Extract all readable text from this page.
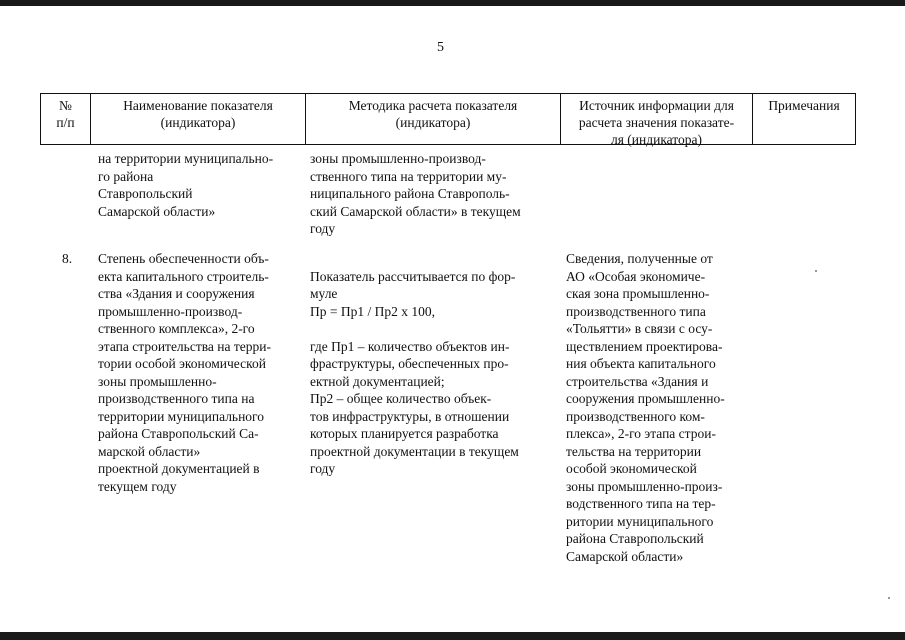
5
№
п/п
Наименование показателя
(индикатора)
Методика расчета показателя
(индикатора)
Источник информации для
расчета значения показате-
ля (индикатора)
Примечания
на территории муниципально-
го района
Ставропольский
Самарской области»
зоны промышленно-производ-
ственного типа на территории му-
ниципального района Ставрополь-
ский Самарской области» в текущем
году
8.	Степень обеспеченности объ-
екта капитального строитель-
ства «Здания и сооружения
промышленно-производ-
ственного комплекса», 2-го
этапа строительства на терри-
тории особой экономической
зоны промышленно-
производственного типа на
территории муниципального
района Ставропольский Са-
марской области»
проектной документацией в
текущем году

Показатель рассчитывается по фор-
муле

Пр = Пр1 / Пр2 х 100,

где Пр1 – количество объектов ин-
фраструктуры, обеспеченных про-
ектной документацией;
Пр2 – общее количество объек-
тов инфраструктуры, в отношении
которых планируется разработка
проектной документации в текущем
году

Сведения, полученные от
АО «Особая экономиче-
ская зона промышленно-
производственного типа
«Тольятти» в связи с осу-
ществлением проектирова-
ния объекта капитального
строительства «Здания и
сооружения промышленно-
производственного ком-
плекса», 2-го этапа строи-
тельства на территории
особой экономической
зоны промышленно-произ-
водственного типа на тер-
ритории муниципального
района Ставропольский
Самарской области»
